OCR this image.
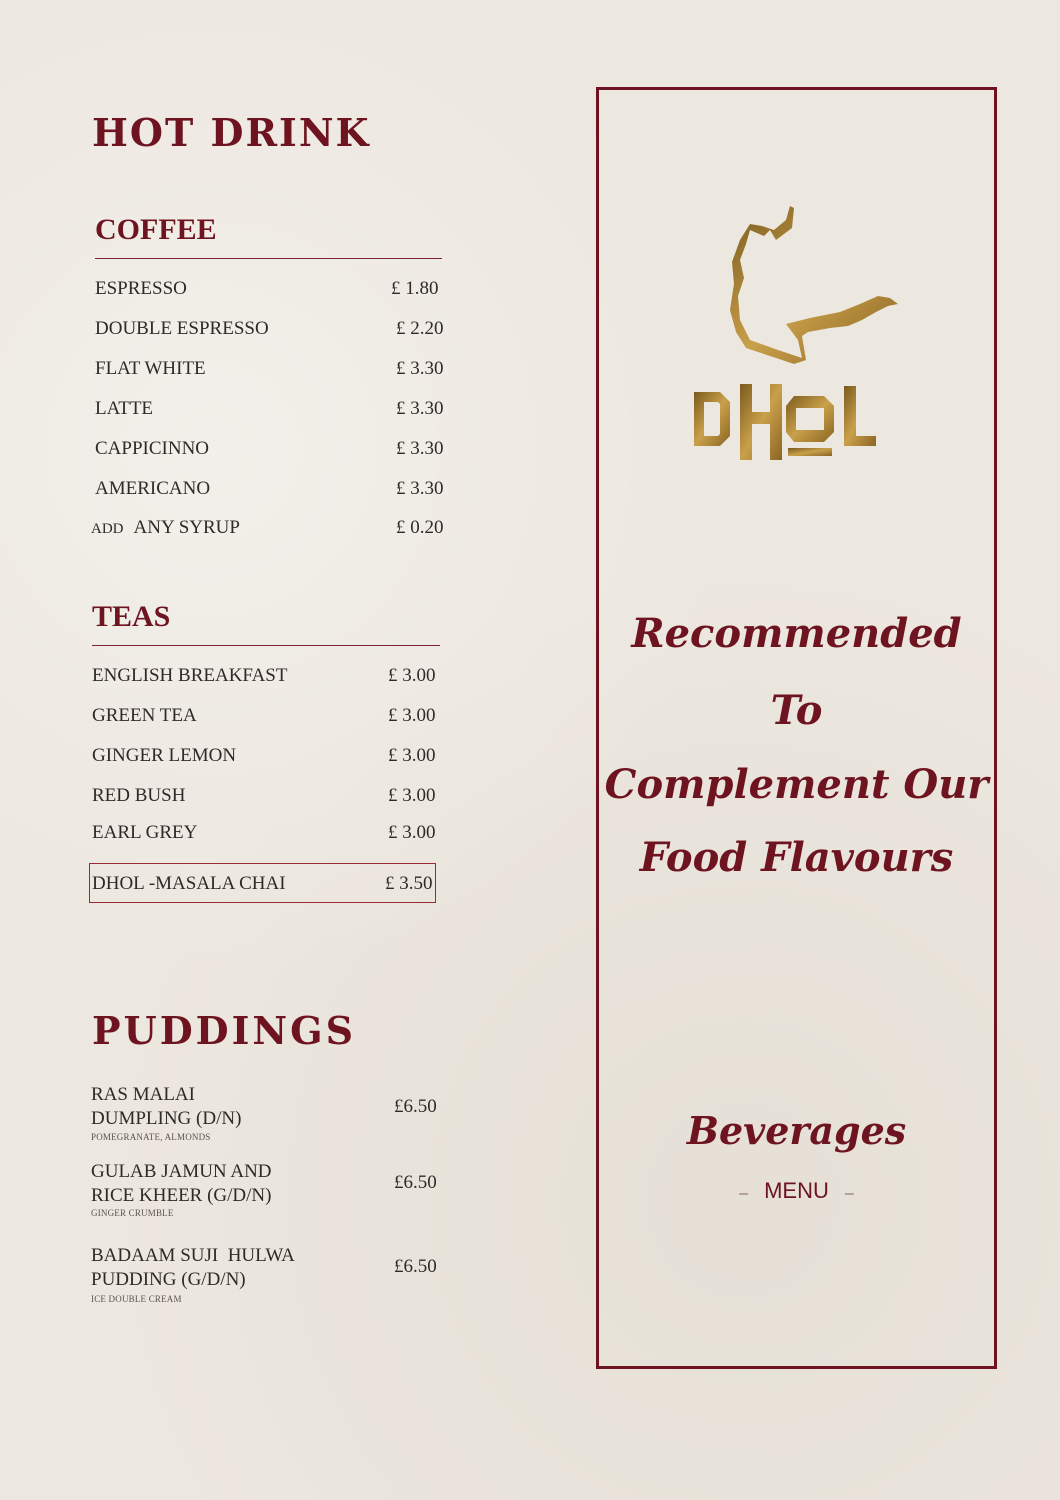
HOT DRINK
COFFEE
ESPRESSO	£ 1.80
DOUBLE ESPRESSO	£ 2.20
FLAT WHITE	£ 3.30
LATTE	£ 3.30
CAPPICINNO	£ 3.30
AMERICANO	£ 3.30
ADD ANY SYRUP	£ 0.20
TEAS
ENGLISH BREAKFAST	£ 3.00
GREEN TEA	£ 3.00
GINGER LEMON	£ 3.00
RED BUSH	£ 3.00
EARL GREY	£ 3.00
DHOL -MASALA CHAI	£ 3.50
PUDDINGS
RAS MALAI
DUMPLING (D/N)
POMEGRANATE, ALMONDS
£6.50
GULAB JAMUN AND
RICE KHEER (G/D/N)
GINGER CRUMBLE
£6.50
BADAAM SUJI  HULWA
PUDDING (G/D/N)
ICE DOUBLE CREAM
£6.50
Recommended
To
Complement Our
Food Flavours
Beverages
– MENU –
